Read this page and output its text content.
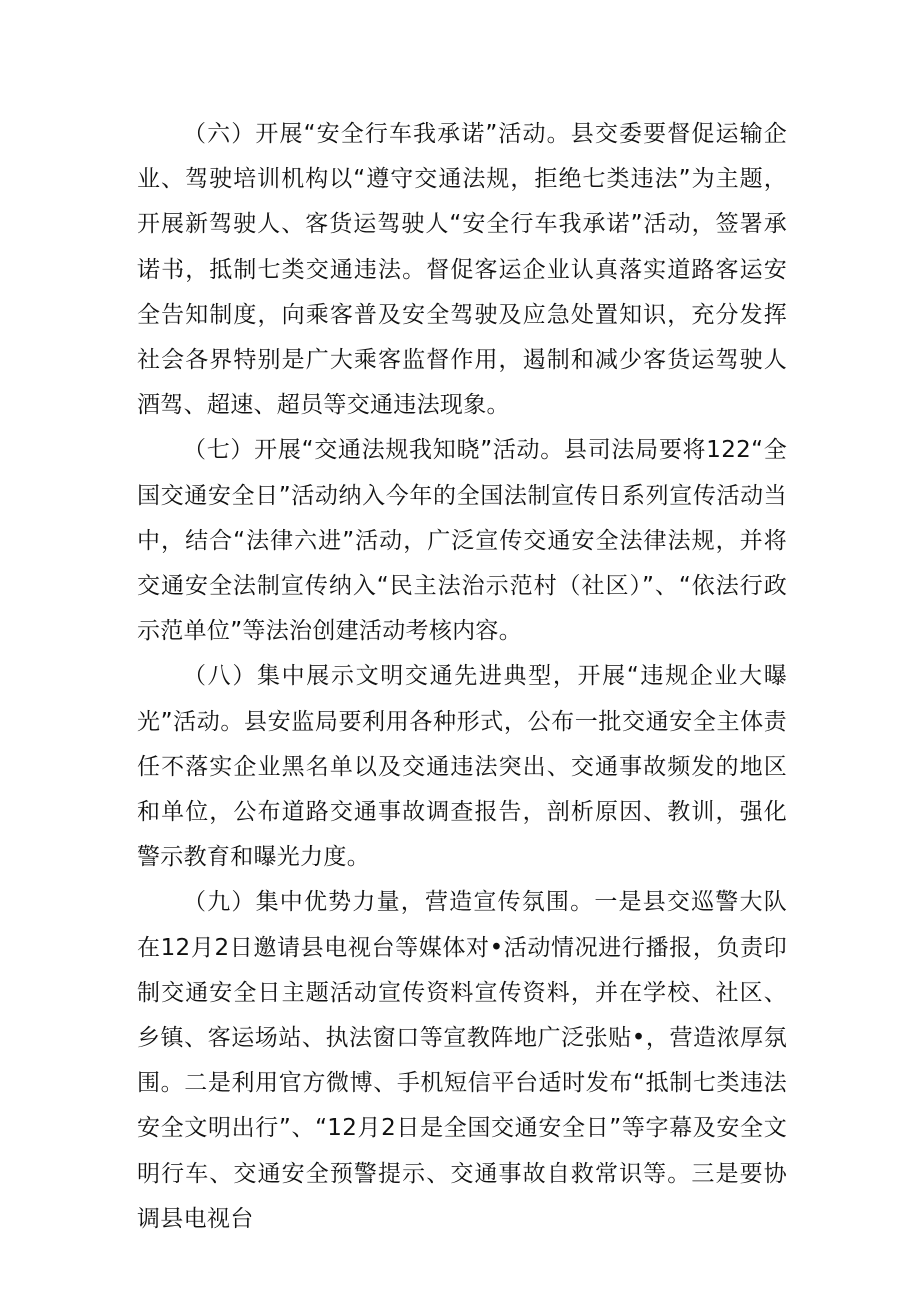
（六）开展“安全行车我承诺”活动。县交委要督促运输企业、驾驶培训机构以“遵守交通法规，拒绝七类违法”为主题，开展新驾驶人、客货运驾驶人“安全行车我承诺”活动，签署承诺书，抵制七类交通违法。督促客运企业认真落实道路客运安全告知制度，向乘客普及安全驾驶及应急处置知识，充分发挥社会各界特别是广大乘客监督作用，遏制和减少客货运驾驶人酒驾、超速、超员等交通违法现象。

（七）开展“交通法规我知晓”活动。县司法局要将122“全国交通安全日”活动纳入今年的全国法制宣传日系列宣传活动当中，结合“法律六进”活动，广泛宣传交通安全法律法规，并将交通安全法制宣传纳入“民主法治示范村（社区）”、“依法行政示范单位”等法治创建活动考核内容。

（八）集中展示文明交通先进典型，开展“违规企业大曝光”活动。县安监局要利用各种形式，公布一批交通安全主体责任不落实企业黑名单以及交通违法突出、交通事故频发的地区和单位，公布道路交通事故调查报告，剖析原因、教训，强化警示教育和曝光力度。

（九）集中优势力量，营造宣传氛围。一是县交巡警大队在12月2日邀请县电视台等媒体对•活动情况进行播报，负责印制交通安全日主题活动宣传资料宣传资料，并在学校、社区、乡镇、客运场站、执法窗口等宣教阵地广泛张贴•，营造浓厚氛围。二是利用官方微博、手机短信平台适时发布“抵制七类违法安全文明出行”、“12月2日是全国交通安全日”等字幕及安全文明行车、交通安全预警提示、交通事故自救常识等。三是要协调县电视台
